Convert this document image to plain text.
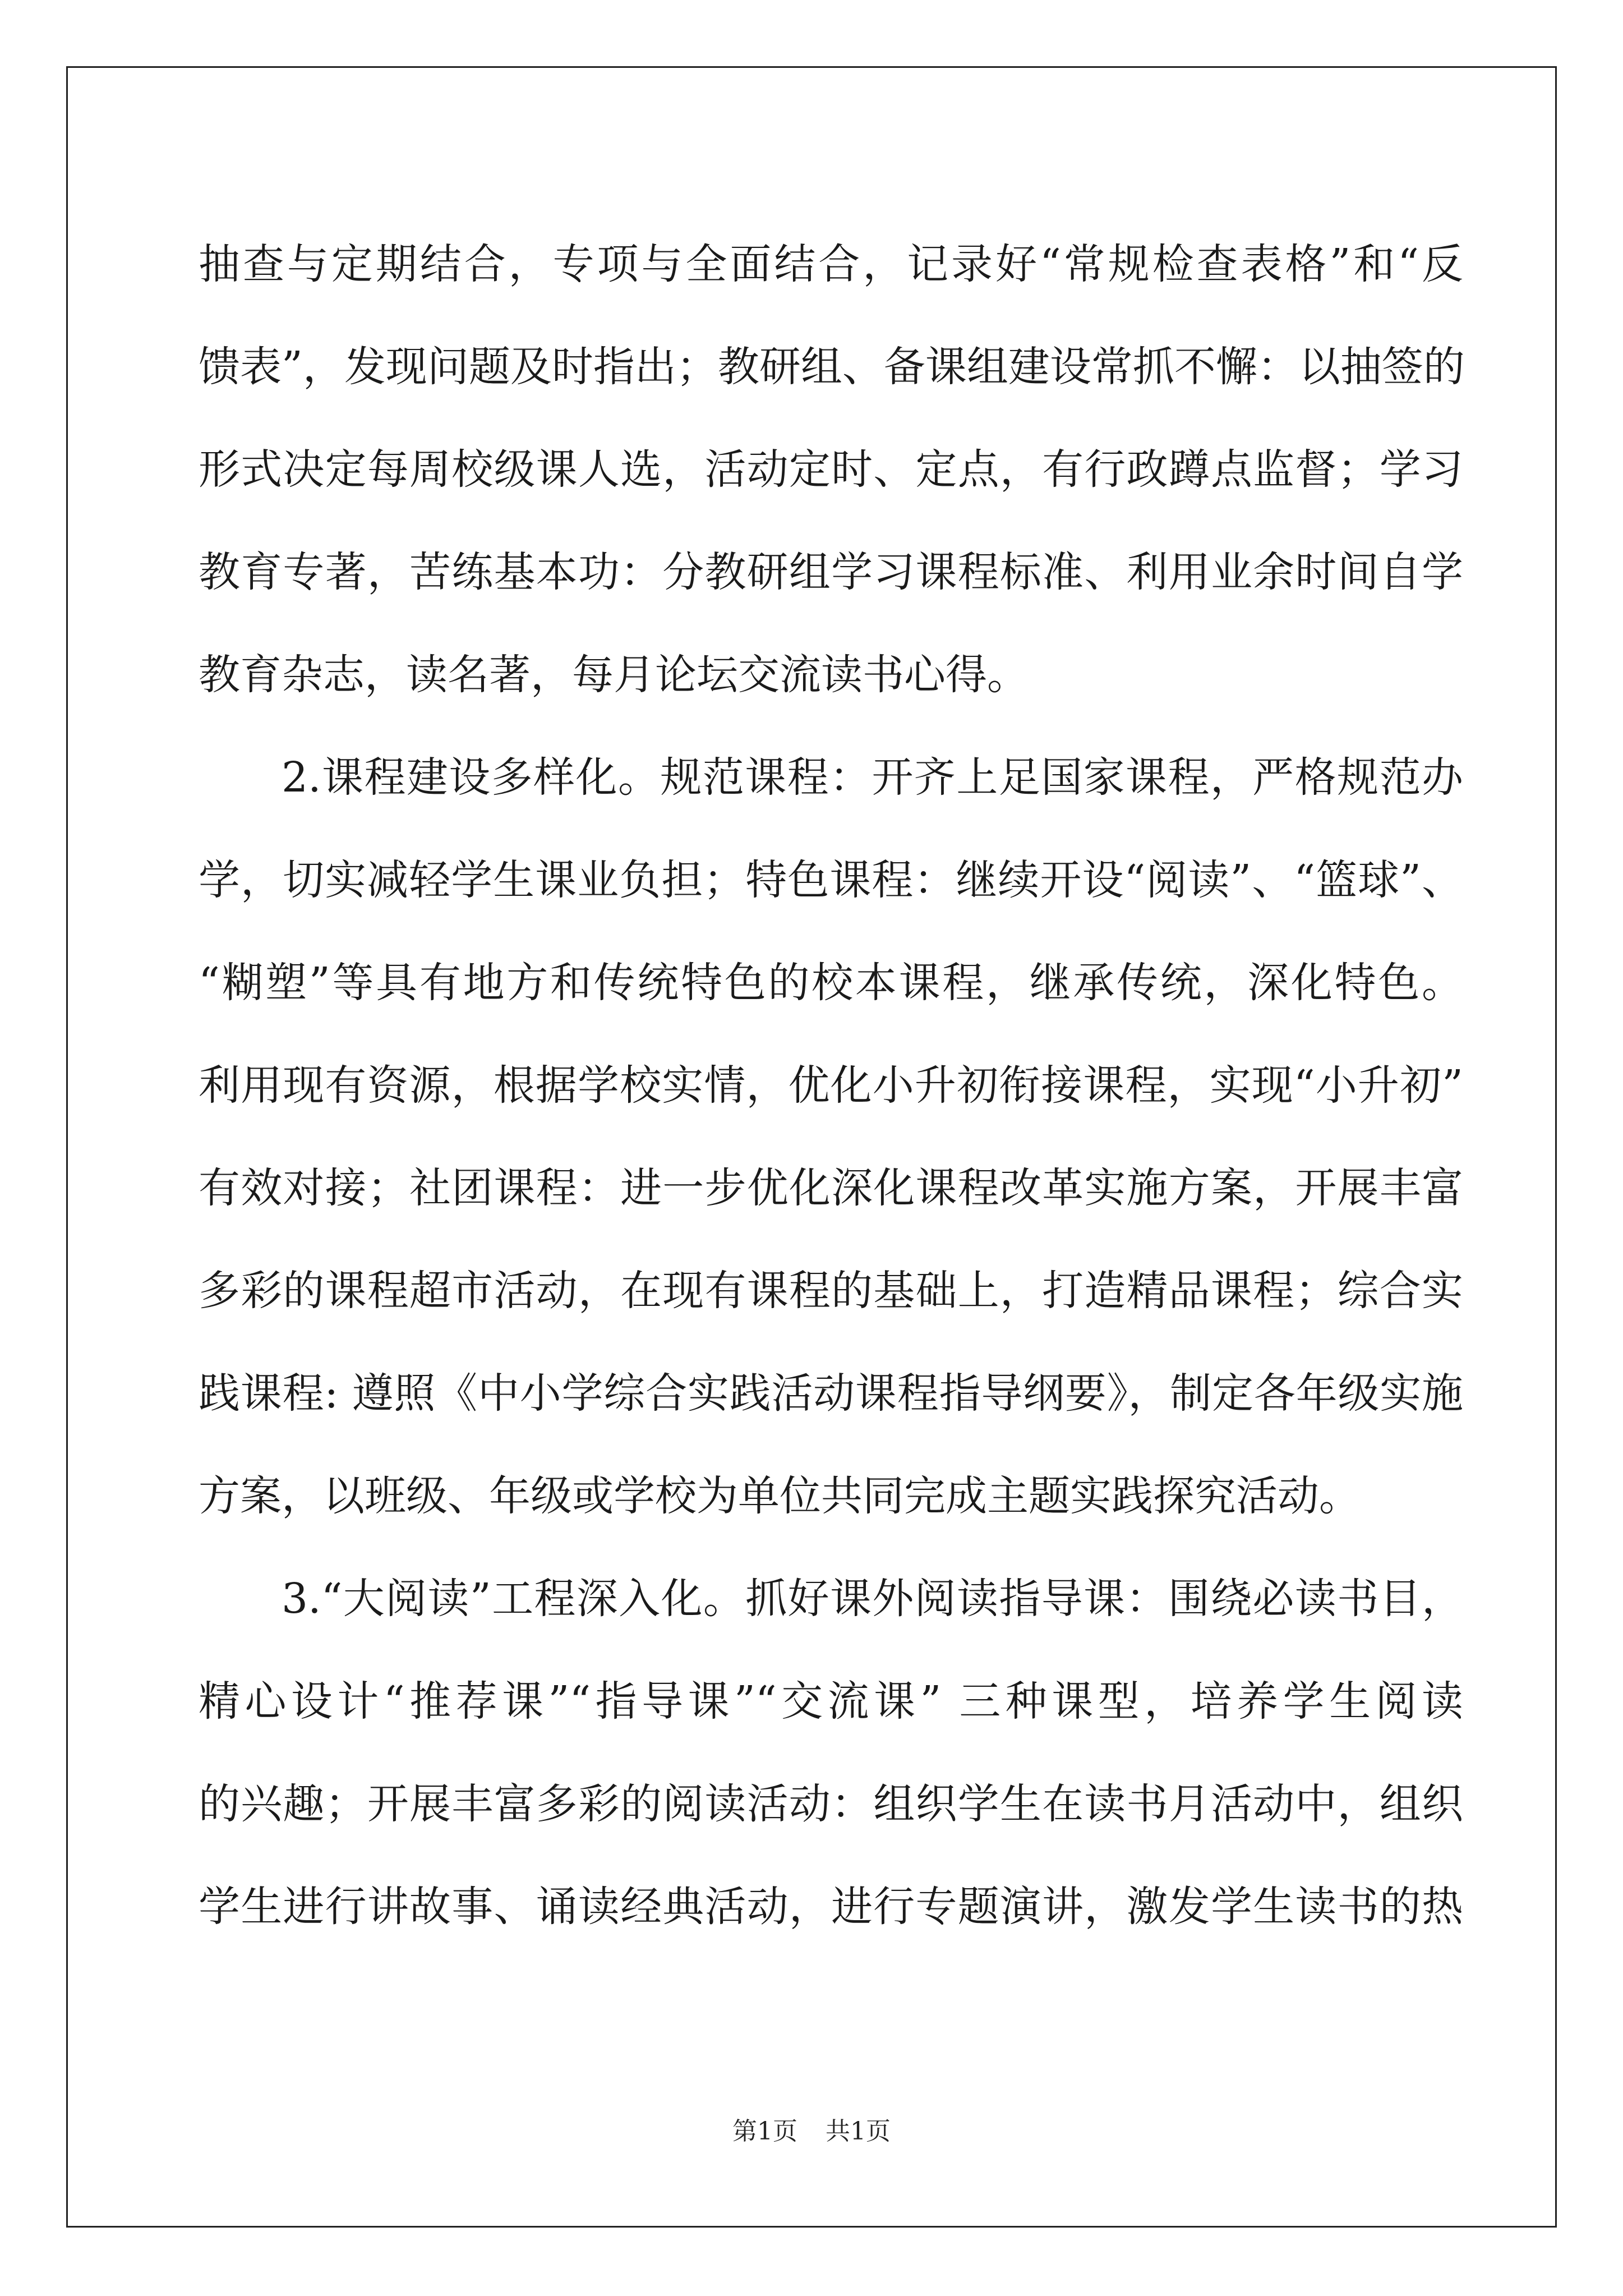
抽查与定期结合，专项与全面结合，记录好“常规检查表格”和“反
馈表”，发现问题及时指出；教研组、备课组建设常抓不懈：以抽签的
形式决定每周校级课人选，活动定时、定点，有行政蹲点监督；学习
教育专著，苦练基本功：分教研组学习课程标准、利用业余时间自学
教育杂志，读名著，每月论坛交流读书心得。
2.课程建设多样化。规范课程：开齐上足国家课程，严格规范办
学，切实减轻学生课业负担；特色课程：继续开设“阅读”、“篮球”、
“糊塑”等具有地方和传统特色的校本课程，继承传统，深化特色。
利用现有资源，根据学校实情，优化小升初衔接课程，实现“小升初”
有效对接；社团课程：进一步优化深化课程改革实施方案，开展丰富
多彩的课程超市活动，在现有课程的基础上，打造精品课程；综合实
践课程: 遵照《中小学综合实践活动课程指导纲要》，制定各年级实施
方案，以班级、年级或学校为单位共同完成主题实践探究活动。
3.“大阅读”工程深入化。抓好课外阅读指导课：围绕必读书目，
精心设计“推荐课”“指导课”“交流课” 三种课型，培养学生阅读
的兴趣；开展丰富多彩的阅读活动：组织学生在读书月活动中，组织
学生进行讲故事、诵读经典活动，进行专题演讲，激发学生读书的热
第1页 共1页
